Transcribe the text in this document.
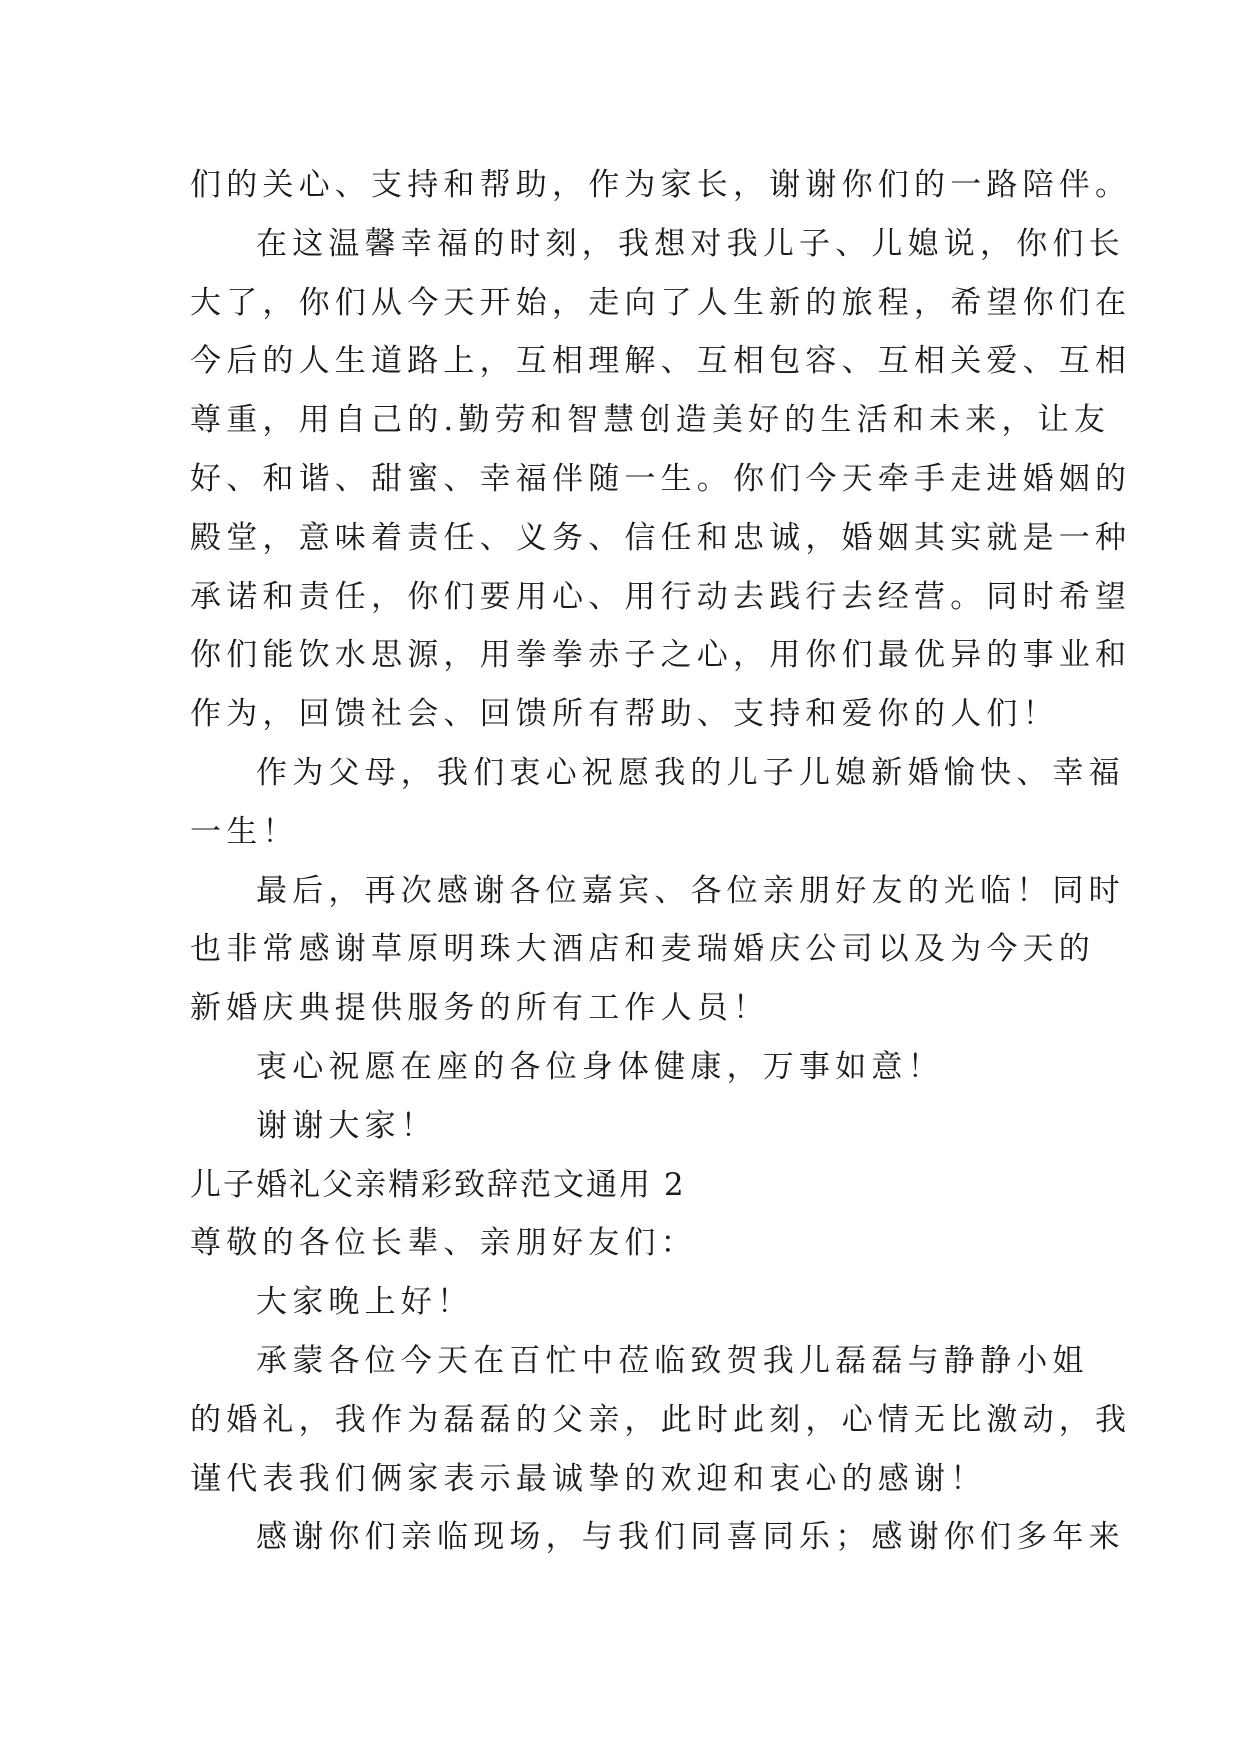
们的关心、支持和帮助，作为家长，谢谢你们的一路陪伴。
在这温馨幸福的时刻，我想对我儿子、儿媳说，你们长
大了，你们从今天开始，走向了人生新的旅程，希望你们在
今后的人生道路上，互相理解、互相包容、互相关爱、互相
尊重，用自己的.勤劳和智慧创造美好的生活和未来，让友
好、和谐、甜蜜、幸福伴随一生。你们今天牵手走进婚姻的
殿堂，意味着责任、义务、信任和忠诚，婚姻其实就是一种
承诺和责任，你们要用心、用行动去践行去经营。同时希望
你们能饮水思源，用拳拳赤子之心，用你们最优异的事业和
作为，回馈社会、回馈所有帮助、支持和爱你的人们！
作为父母，我们衷心祝愿我的儿子儿媳新婚愉快、幸福
一生！
最后，再次感谢各位嘉宾、各位亲朋好友的光临！同时
也非常感谢草原明珠大酒店和麦瑞婚庆公司以及为今天的
新婚庆典提供服务的所有工作人员！
衷心祝愿在座的各位身体健康，万事如意！
谢谢大家！
儿子婚礼父亲精彩致辞范文通用 2
尊敬的各位长辈、亲朋好友们：
大家晚上好！
承蒙各位今天在百忙中莅临致贺我儿磊磊与静静小姐
的婚礼，我作为磊磊的父亲，此时此刻，心情无比激动，我
谨代表我们俩家表示最诚挚的欢迎和衷心的感谢！
感谢你们亲临现场，与我们同喜同乐；感谢你们多年来
